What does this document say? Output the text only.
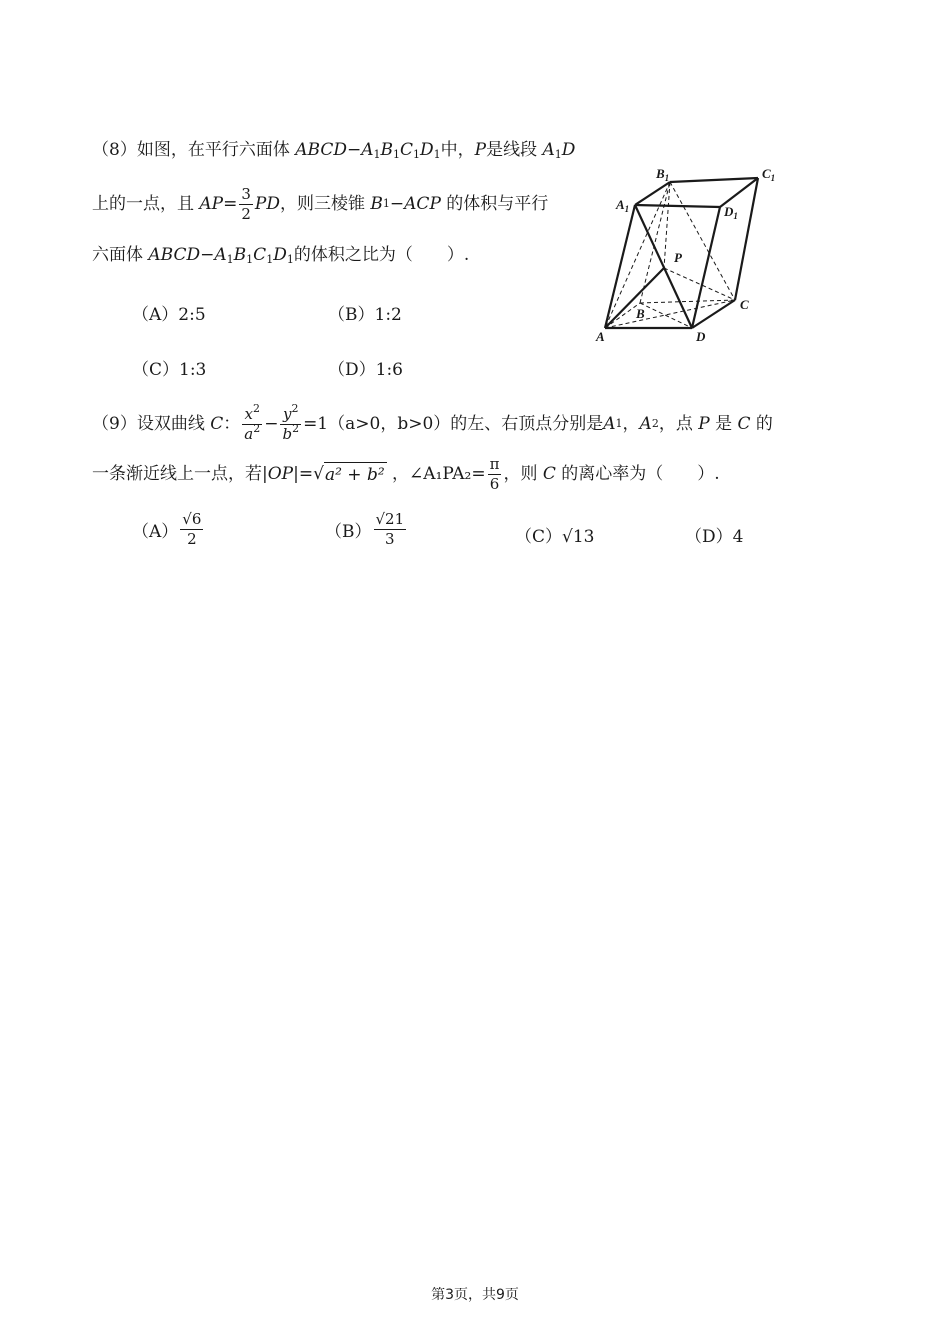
（8）如图，在平行六面体 $ABCD-A_1B_1C_1D_1$中，P是线段 $A_1D$
上的一点，且
AP = $\frac{3}{2}$ PD ，则三棱锥
B 1 − ACP
的体积与平行
六面体 $ABCD-A_1B_1C_1D_1$的体积之比为（　　）.
（A）2:5	（B）1:2
（C）1:3	（D）1:6
$A_1$
$B_1$	$C_1$
$D_1$
P
B
C
A	D
（9） 设双曲线
C ： $\frac{x^2}{a^2} - \frac{y^2}{b^2} =1$ （a>0，b>0） 的左、右顶点分别是 A 1 ， A 2 ，点
P
是
C
的
一条渐近线上一点，若 |OP| = √ a² + b² ， ∠A₁PA₂ = $\frac{\pi}{6}$ ，则
C
的离心率为（　　）.
$(A) \frac{√6}{2}$	$(B) \frac{√21}{3}$	（C）√13	（D）4
第3页，共9页
